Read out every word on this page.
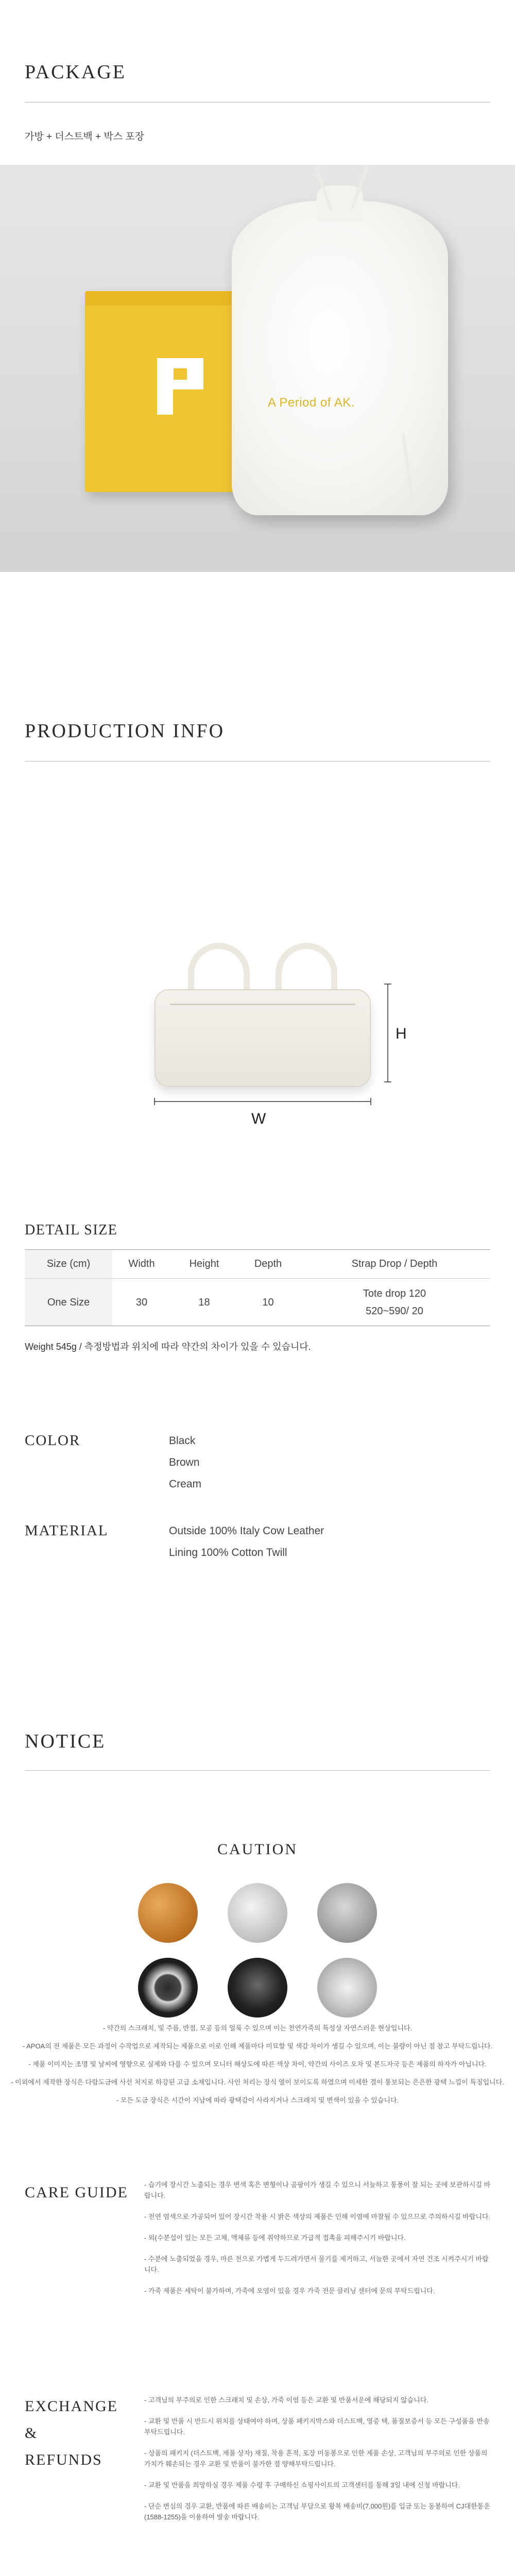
PACKAGE
가방 + 더스트백 + 박스 포장
A Period of AK.
PRODUCTION INFO
H
W
DETAIL SIZE
Size (cm)	Width	Height	Depth	Strap Drop / Depth
One Size	30	18	10	Tote drop 120
520~590/ 20
Weight 545g / 측정방법과 위치에 따라 약간의 차이가 있을 수 있습니다.
COLOR	Black
Brown
Cream
MATERIAL	Outside 100% Italy Cow Leather
Lining 100% Cotton Twill
NOTICE
CAUTION

- 약간의 스크래치, 및 주름, 반점, 모공 등의 얼룩 수 있으며 이는 천연가죽의 특성상 자연스러운 현상입니다.

- APOA의 전 제품은 모든 과정이 수작업으로 제작되는 제품으로 이로 인해 제품마다 미묘할 및 색감 차이가 생길 수 있으며, 이는 불량이 아닌 점 참고 부탁드립니다.

- 제품 이미지는 조명 및 날씨에 영향으로 실제와 다를 수 있으며 모니터 해상도에 따른 색상 차이, 약간의 사이즈 오차 및 본드자국 등은 제품의 하자가 아닙니다.

- 이외에서 제작한 장식은 다람도금에 사선 처지로 하강된 고급 소재입니다. 사인 처리는 장식 열이 보이도록 하였으며 미세한 결이 통보되는 은은한 광택 느낌이 특징입니다.

- 모든 도금 장식은 시간이 지남에 따라 광택감이 사라지거나 스크래치 및 변색이 있을 수 있습니다.

CARE GUIDE - 습기에 장시간 노출되는 경우 변색 혹은 변형이나 곰팡이가 생길 수 있으니 서늘하고 통풍이 잘 되는 곳에 보관하시길 바랍니다.

- 천연 염색으로 가공되어 있어 장시간 착용 시 밝은 색상의 제품은 인해 이염에 마찰될 수 있으므로 주의하시길 바랍니다.

- 외(수분섭이 있는 모든 고체, 액체류 등에 취약하므로 가급적 접촉을 피해주시기 바랍니다.

- 수분에 노출되었을 경우, 마른 천으로 가볍게 두드려가면서 물기를 제거하고, 서늘한 곳에서 자연 건조 시켜주시기 바랍니다.

- 가죽 제품은 세탁이 불가하며, 가죽에 오염이 있을 경우 가죽 전문 클리닝 센터에 문의 부탁드립니다.

EXCHANGE
&
REFUNDS

- 고객님의 부주의로 인한 스크래치 및 손상, 가죽 이염 등은 교환 및 반품서운에 해당되지 않습니다.

- 교환 및 반품 시 반드시 위치를 상태여야 하며, 상품 패키지박스와 더스트백, 영증 택, 품질보증서 등 모든 구성품을 반송 부탁드립니다.

- 상품의 패키지 (더스트백, 제품 상자) 재질, 착용 흔적, 포장 미동봉으로 인한 제품 손상, 고객님의 부주의로 인한 상품의 가치가 훼손되는 경우 교환 및 반품이 불가한 점 양해부탁드립니다.

- 교환 및 반품을 희망하실 경우 제품 수령 후 구매하신 쇼핑사이트의 고객센터를 통해 3일 내에 신청 바랍니다.

- 단순 변심의 경우 교환, 반품에 따른 배송비는 고객님 부담으로 왕복 배송비(7,000원)를 입금 또는 동봉하여 CJ대한통운(1588-1255)을 이용하여 발송 바랍니다.
